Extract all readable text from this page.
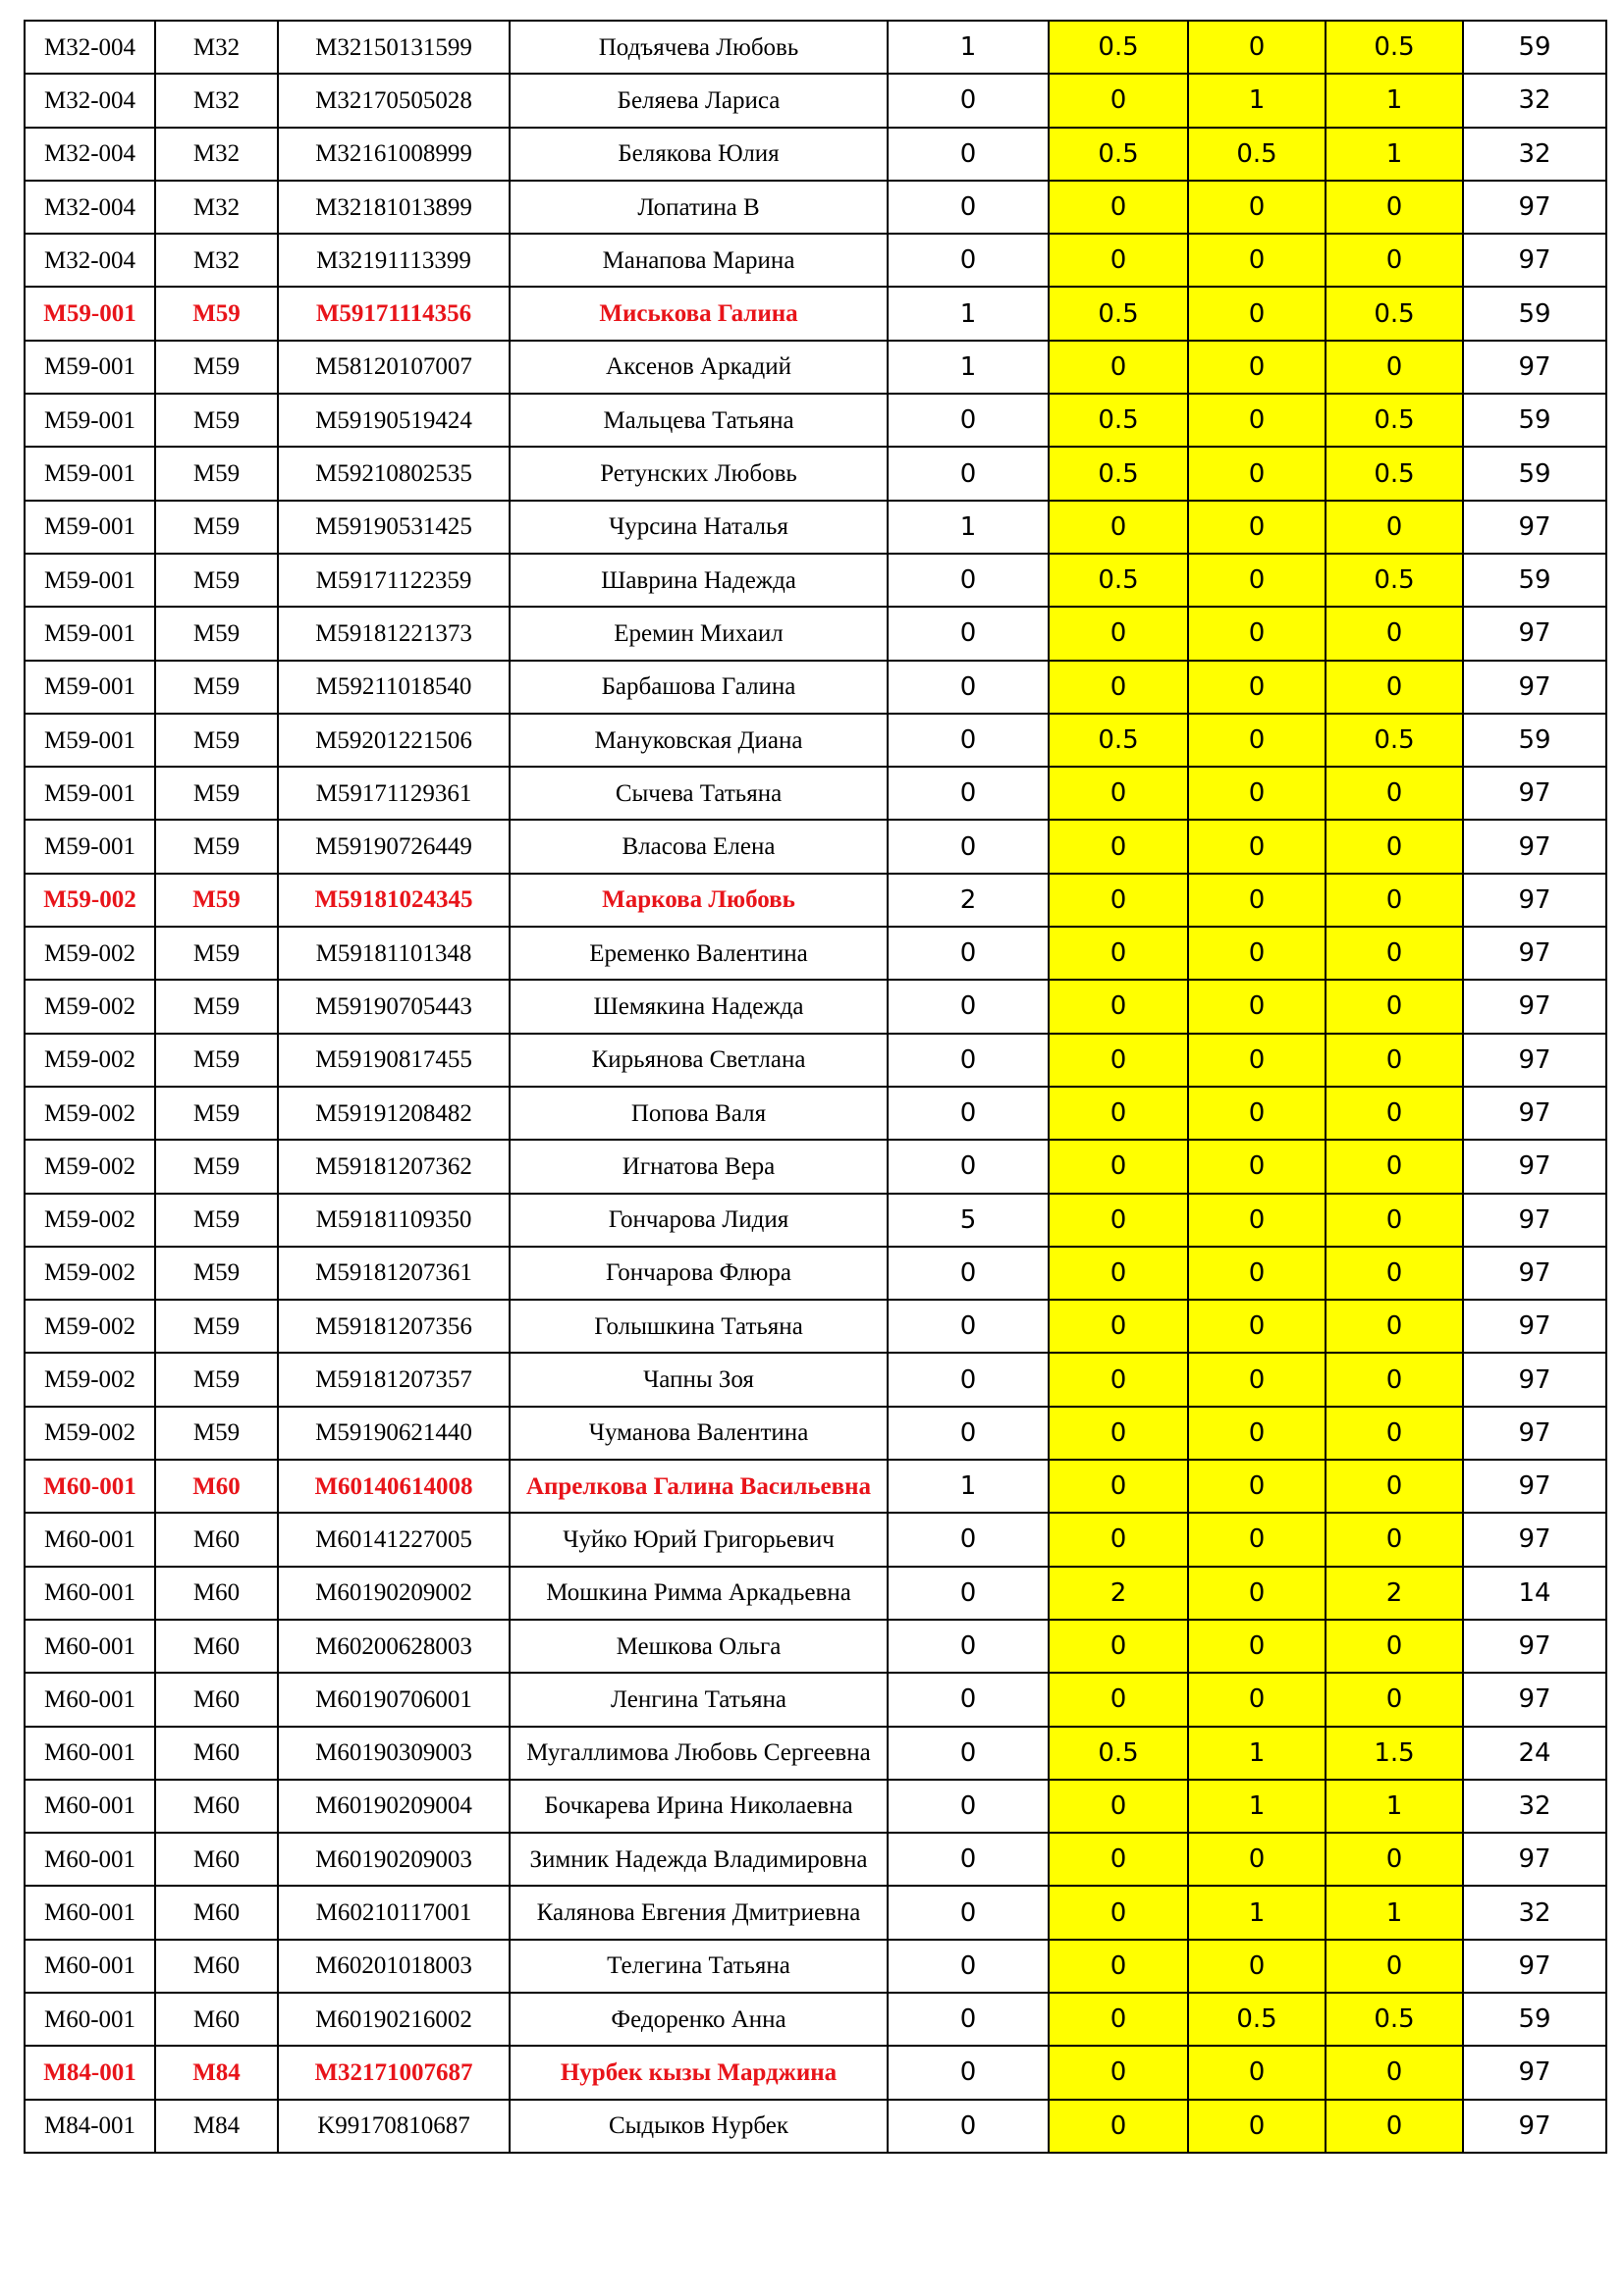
M32-004	M32	M32150131599	Подъячева Любовь	1	0.5	0	0.5	59
M32-004	M32	M32170505028	Беляева Лариса	0	0	1	1	32
M32-004	M32	M32161008999	Белякова Юлия	0	0.5	0.5	1	32
M32-004	M32	M32181013899	Лопатина В	0	0	0	0	97
M32-004	M32	M32191113399	Манапова Марина	0	0	0	0	97
M59-001	M59	M59171114356	Миськова Галина	1	0.5	0	0.5	59
M59-001	M59	M58120107007	Аксенов Аркадий	1	0	0	0	97
M59-001	M59	M59190519424	Мальцева Татьяна	0	0.5	0	0.5	59
M59-001	M59	M59210802535	Ретунских Любовь	0	0.5	0	0.5	59
M59-001	M59	M59190531425	Чурсина Наталья	1	0	0	0	97
M59-001	M59	M59171122359	Шаврина Надежда	0	0.5	0	0.5	59
M59-001	M59	M59181221373	Еремин Михаил	0	0	0	0	97
M59-001	M59	M59211018540	Барбашова Галина	0	0	0	0	97
M59-001	M59	M59201221506	Мануковская Диана	0	0.5	0	0.5	59
M59-001	M59	M59171129361	Сычева Татьяна	0	0	0	0	97
M59-001	M59	M59190726449	Власова Елена	0	0	0	0	97
M59-002	M59	M59181024345	Маркова Любовь	2	0	0	0	97
M59-002	M59	M59181101348	Еременко Валентина	0	0	0	0	97
M59-002	M59	M59190705443	Шемякина Надежда	0	0	0	0	97
M59-002	M59	M59190817455	Кирьянова Светлана	0	0	0	0	97
M59-002	M59	M59191208482	Попова Валя	0	0	0	0	97
M59-002	M59	M59181207362	Игнатова Вера	0	0	0	0	97
M59-002	M59	M59181109350	Гончарова Лидия	5	0	0	0	97
M59-002	M59	M59181207361	Гончарова Флюра	0	0	0	0	97
M59-002	M59	M59181207356	Голышкина Татьяна	0	0	0	0	97
M59-002	M59	M59181207357	Чапны Зоя	0	0	0	0	97
M59-002	M59	M59190621440	Чуманова Валентина	0	0	0	0	97
M60-001	M60	M60140614008	Апрелкова Галина Васильевна	1	0	0	0	97
M60-001	M60	M60141227005	Чуйко Юрий Григорьевич	0	0	0	0	97
M60-001	M60	M60190209002	Мошкина Римма Аркадьевна	0	2	0	2	14
M60-001	M60	M60200628003	Мешкова Ольга	0	0	0	0	97
M60-001	M60	M60190706001	Ленгина Татьяна	0	0	0	0	97
M60-001	M60	M60190309003	Мугаллимова Любовь Сергеевна	0	0.5	1	1.5	24
M60-001	M60	M60190209004	Бочкарева Ирина Николаевна	0	0	1	1	32
M60-001	M60	M60190209003	Зимник Надежда Владимировна	0	0	0	0	97
M60-001	M60	M60210117001	Калянова Евгения Дмитриевна	0	0	1	1	32
M60-001	M60	M60201018003	Телегина Татьяна	0	0	0	0	97
M60-001	M60	M60190216002	Федоренко Анна	0	0	0.5	0.5	59
M84-001	M84	M32171007687	Нурбек кызы Марджина	0	0	0	0	97
M84-001	M84	K99170810687	Сыдыков Нурбек	0	0	0	0	97
